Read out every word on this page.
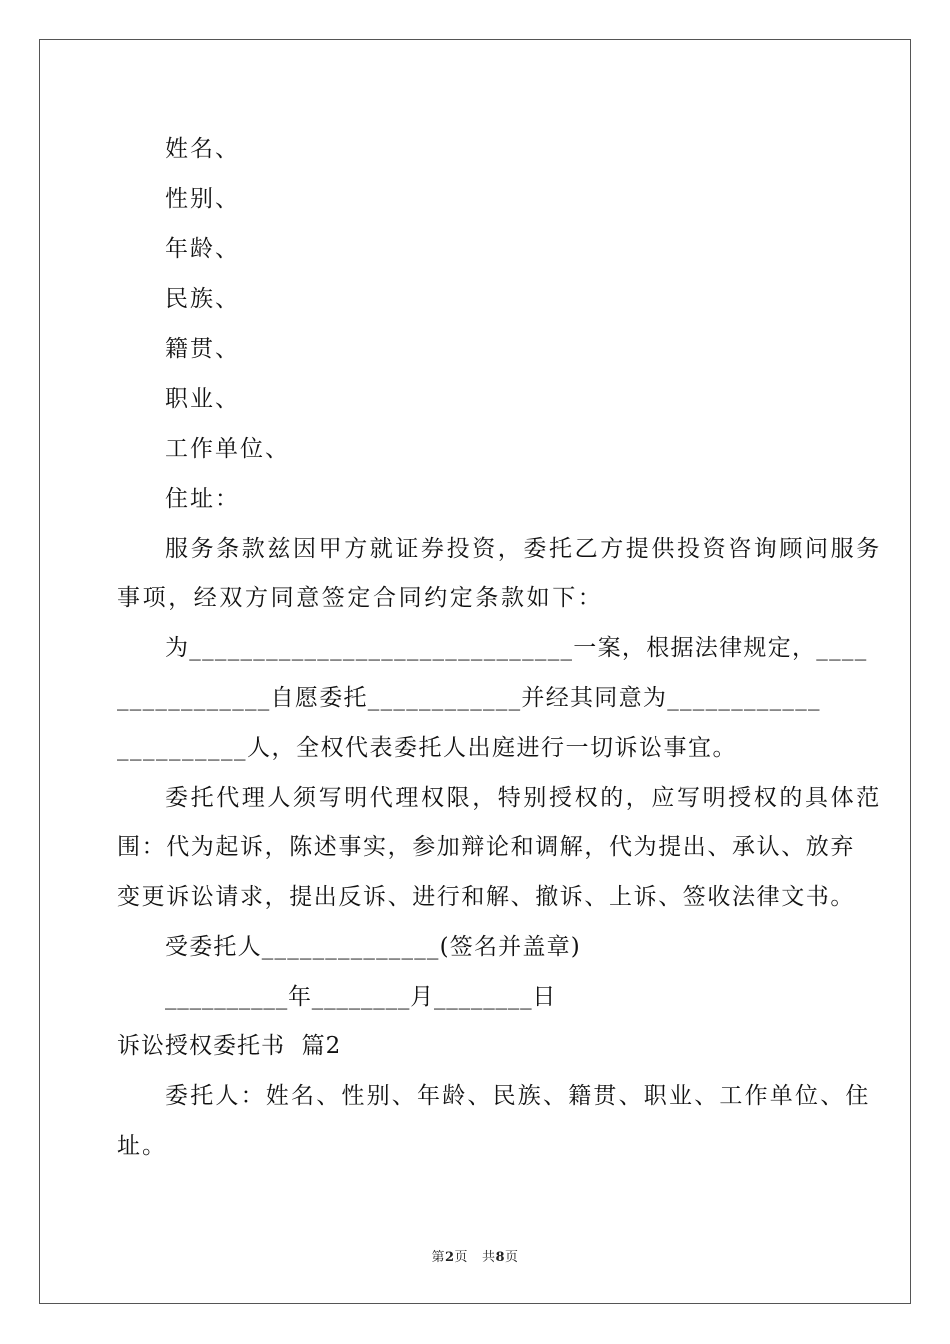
姓名、
性别、
年龄、
民族、
籍贯、
职业、
工作单位、
住址：
服务条款兹因甲方就证券投资，委托乙方提供投资咨询顾问服务
事项，经双方同意签定合同约定条款如下：
为______________________________一案，根据法律规定，____
____________自愿委托____________并经其同意为____________
__________人，全权代表委托人出庭进行一切诉讼事宜。
委托代理人须写明代理权限，特别授权的，应写明授权的具体范
围：代为起诉，陈述事实，参加辩论和调解，代为提出、承认、放弃
变更诉讼请求，提出反诉、进行和解、撤诉、上诉、签收法律文书。
受委托人______________(签名并盖章)
__________年________月________日
诉讼授权委托书  篇2
委托人：姓名、性别、年龄、民族、籍贯、职业、工作单位、住
址。
第2页   共8页
